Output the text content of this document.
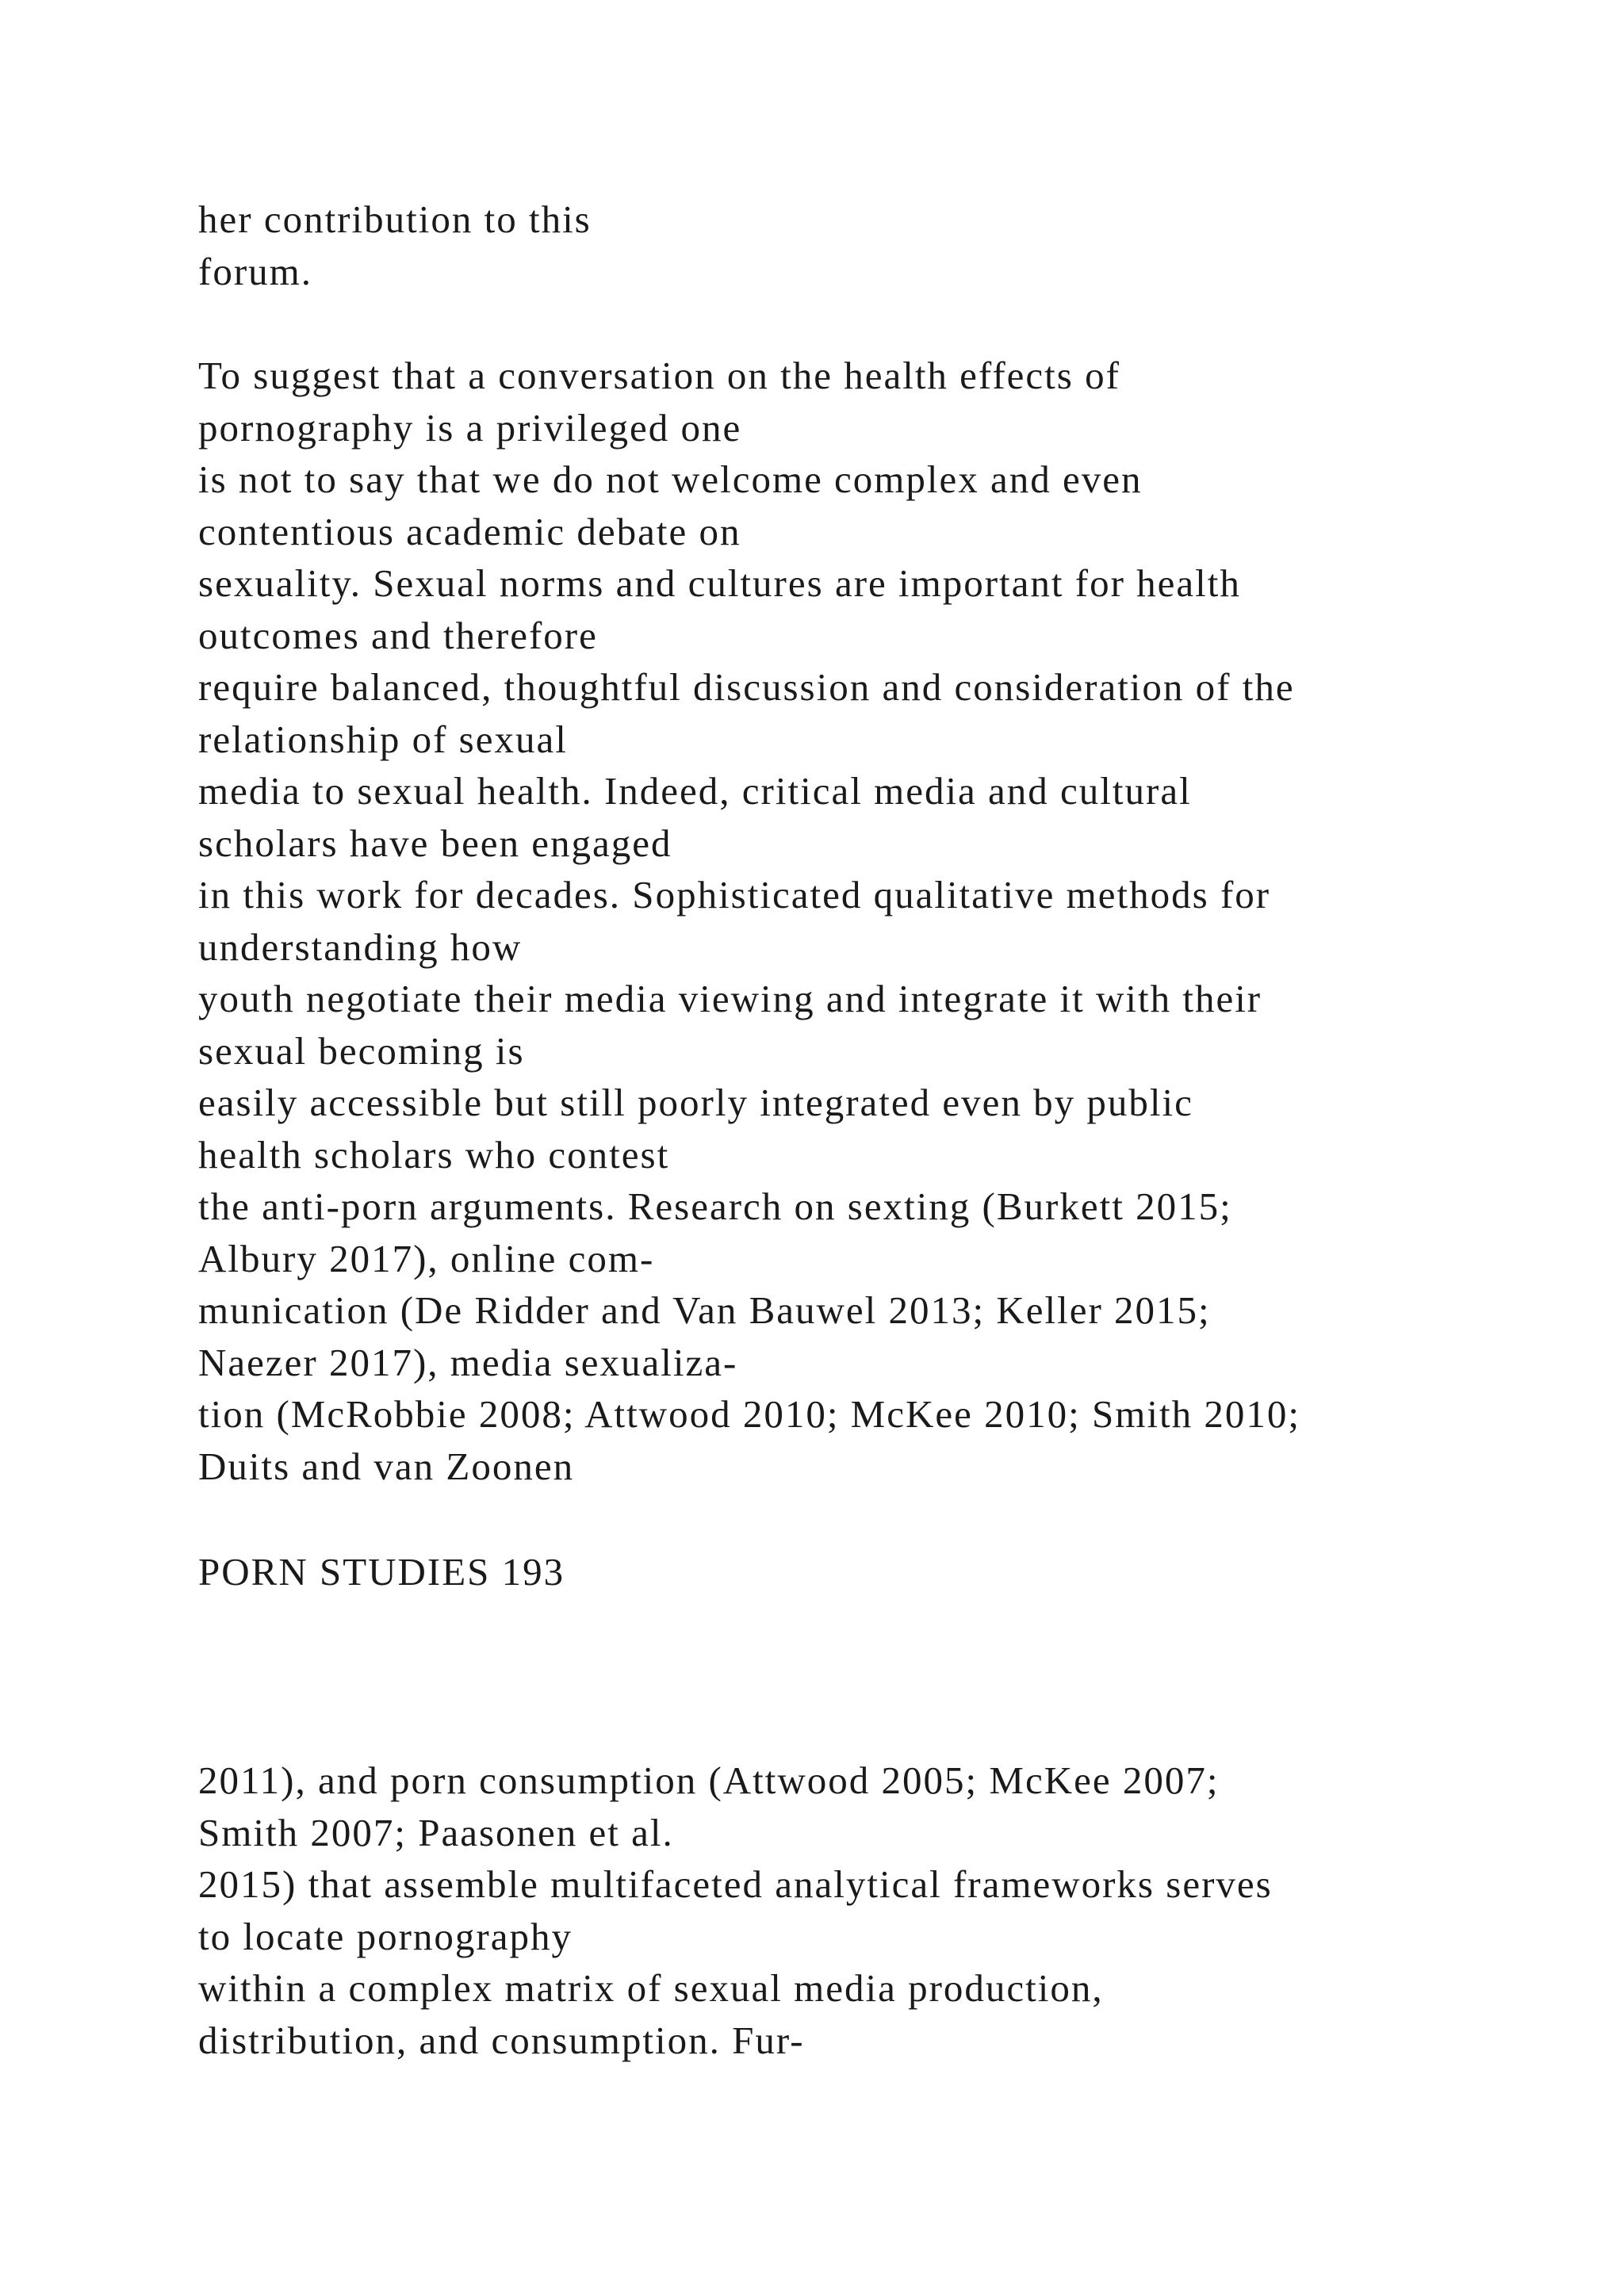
her contribution to this
forum.
To suggest that a conversation on the health effects of
pornography is a privileged one
is not to say that we do not welcome complex and even
contentious academic debate on
sexuality. Sexual norms and cultures are important for health
outcomes and therefore
require balanced, thoughtful discussion and consideration of the
relationship of sexual
media to sexual health. Indeed, critical media and cultural
scholars have been engaged
in this work for decades. Sophisticated qualitative methods for
understanding how
youth negotiate their media viewing and integrate it with their
sexual becoming is
easily accessible but still poorly integrated even by public
health scholars who contest
the anti-porn arguments. Research on sexting (Burkett 2015;
Albury 2017), online com-
munication (De Ridder and Van Bauwel 2013; Keller 2015;
Naezer 2017), media sexualiza-
tion (McRobbie 2008; Attwood 2010; McKee 2010; Smith 2010;
Duits and van Zoonen
PORN STUDIES 193
2011), and porn consumption (Attwood 2005; McKee 2007;
Smith 2007; Paasonen et al.
2015) that assemble multifaceted analytical frameworks serves
to locate pornography
within a complex matrix of sexual media production,
distribution, and consumption. Fur-
